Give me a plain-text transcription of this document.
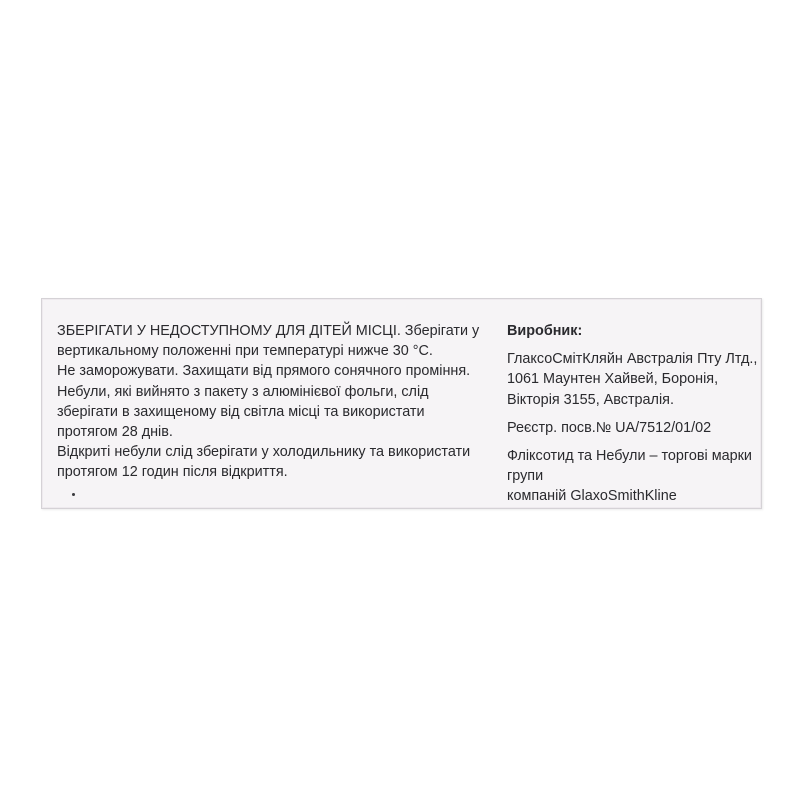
ЗБЕРІГАТИ У НЕДОСТУПНОМУ ДЛЯ ДІТЕЙ МІСЦІ. Зберігати у

вертикальному положенні при температурі нижче 30 °С.

Не заморожувати. Захищати від прямого сонячного проміння.

Небули, які вийнято з пакету з алюмінієвої фольги, слід

зберігати в захищеному від світла місці та використати

протягом 28 днів.

Відкриті небули слід зберігати у холодильнику та використати

протягом 12 годин після відкриття.

Виробник:

ГлаксоСмітКляйн Австралія Пту Лтд.,

1061 Маунтен Хайвей, Боронія,

Вікторія 3155, Австралія.

Реєстр. посв.№ UA/7512/01/02

Фліксотид та Небули – торгові марки

групи

компаній GlaxoSmithKline
